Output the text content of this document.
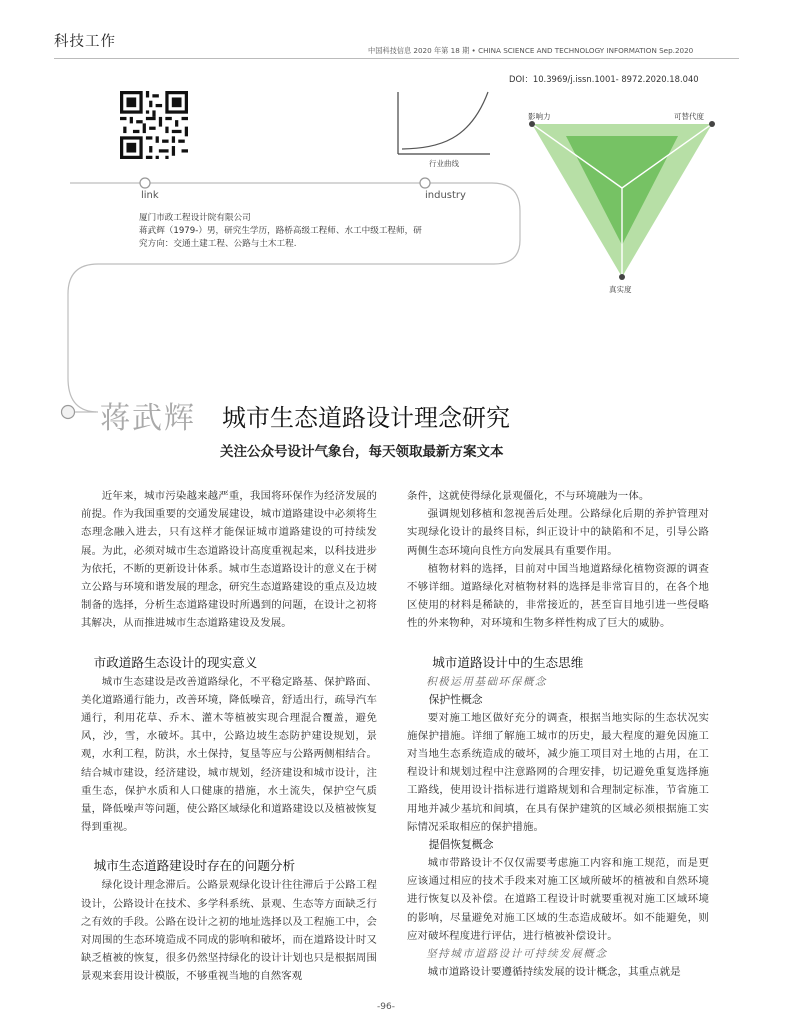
科技工作
中国科技信息 2020 年第 18 期 • CHINA SCIENCE AND TECHNOLOGY INFORMATION Sep.2020
DOI：10.3969/j.issn.1001- 8972.2020.18.040
link	industry
行业曲线
影响力	可替代度
真实度
厦门市政工程设计院有限公司
蒋武辉（1979-）男，研究生学历，路桥高级工程师、水工中级工程师，研
究方向：交通土建工程、公路与土木工程.
蒋武辉 城市生态道路设计理念研究
关注公众号设计气象台，每天领取最新方案文本

近年来，城市污染越来越严重，我国将环保作为经济发展的前提。作为我国重要的交通发展建设，城市道路建设中必须将生态理念融入进去，只有这样才能保证城市道路建设的可持续发展。为此，必须对城市生态道路设计高度重视起来，以科技进步为依托，不断的更新设计体系。城市生态道路设计的意义在于树立公路与环境和谐发展的理念，研究生态道路建设的重点及边坡制备的选择，分析生态道路建设时所遇到的问题，在设计之初将其解决，从而推进城市生态道路建设及发展。

市政道路生态设计的现实意义

城市生态建设是改善道路绿化，不平稳定路基、保护路面、美化道路通行能力，改善环境，降低噪音，舒适出行，疏导汽车通行，利用花草、乔木、灌木等植被实现合理混合覆盖，避免风，沙，雪，水破坏。其中，公路边坡生态防护建设规划，景观，水利工程，防洪，水土保持，复垦等应与公路两侧相结合。结合城市建设，经济建设，城市规划，经济建设和城市设计，注重生态，保护水质和人口健康的措施，水土流失，保护空气质量，降低噪声等问题，使公路区域绿化和道路建设以及植被恢复得到重视。

城市生态道路建设时存在的问题分析

绿化设计理念滞后。公路景观绿化设计往往滞后于公路工程设计，公路设计在技术、多学科系统、景观、生态等方面缺乏行之有效的手段。公路在设计之初的地址选择以及工程施工中，会对周围的生态环境造成不同成的影响和破坏，而在道路设计时又缺乏植被的恢复，很多仍然坚持绿化的设计计划也只是根据周围景观来套用设计模版，不够重视当地的自然客观

条件，这就使得绿化景观僵化，不与环境融为一体。

强调规划移植和忽视善后处理。公路绿化后期的养护管理对实现绿化设计的最终目标，纠正设计中的缺陷和不足，引导公路两侧生态环境向良性方向发展具有重要作用。

植物材料的选择，目前对中国当地道路绿化植物资源的调查不够详细。道路绿化对植物材料的选择是非常盲目的，在各个地区使用的材料是稀缺的，非常接近的，甚至盲目地引进一些侵略性的外来物种，对环境和生物多样性构成了巨大的威胁。

城市道路设计中的生态思维
积极运用基础环保概念
保护性概念

要对施工地区做好充分的调查，根据当地实际的生态状况实施保护措施。详细了解施工城市的历史，最大程度的避免因施工对当地生态系统造成的破坏，减少施工项目对土地的占用，在工程设计和规划过程中注意路网的合理安排，切记避免重复选择施工路线，使用设计指标进行道路规划和合理制定标准，节省施工用地并减少基坑和间填，在具有保护建筑的区域必须根据施工实际情况采取相应的保护措施。

提倡恢复概念

城市带路设计不仅仅需要考虑施工内容和施工规范，而是更应该通过相应的技术手段来对施工区域所破坏的植被和自然环境进行恢复以及补偿。在道路工程设计时就要重视对施工区域环境的影响，尽量避免对施工区域的生态造成破坏。如不能避免，则应对破坏程度进行评估，进行植被补偿设计。

坚持城市道路设计可持续发展概念

城市道路设计要遵循持续发展的设计概念，其重点就是

-96-
